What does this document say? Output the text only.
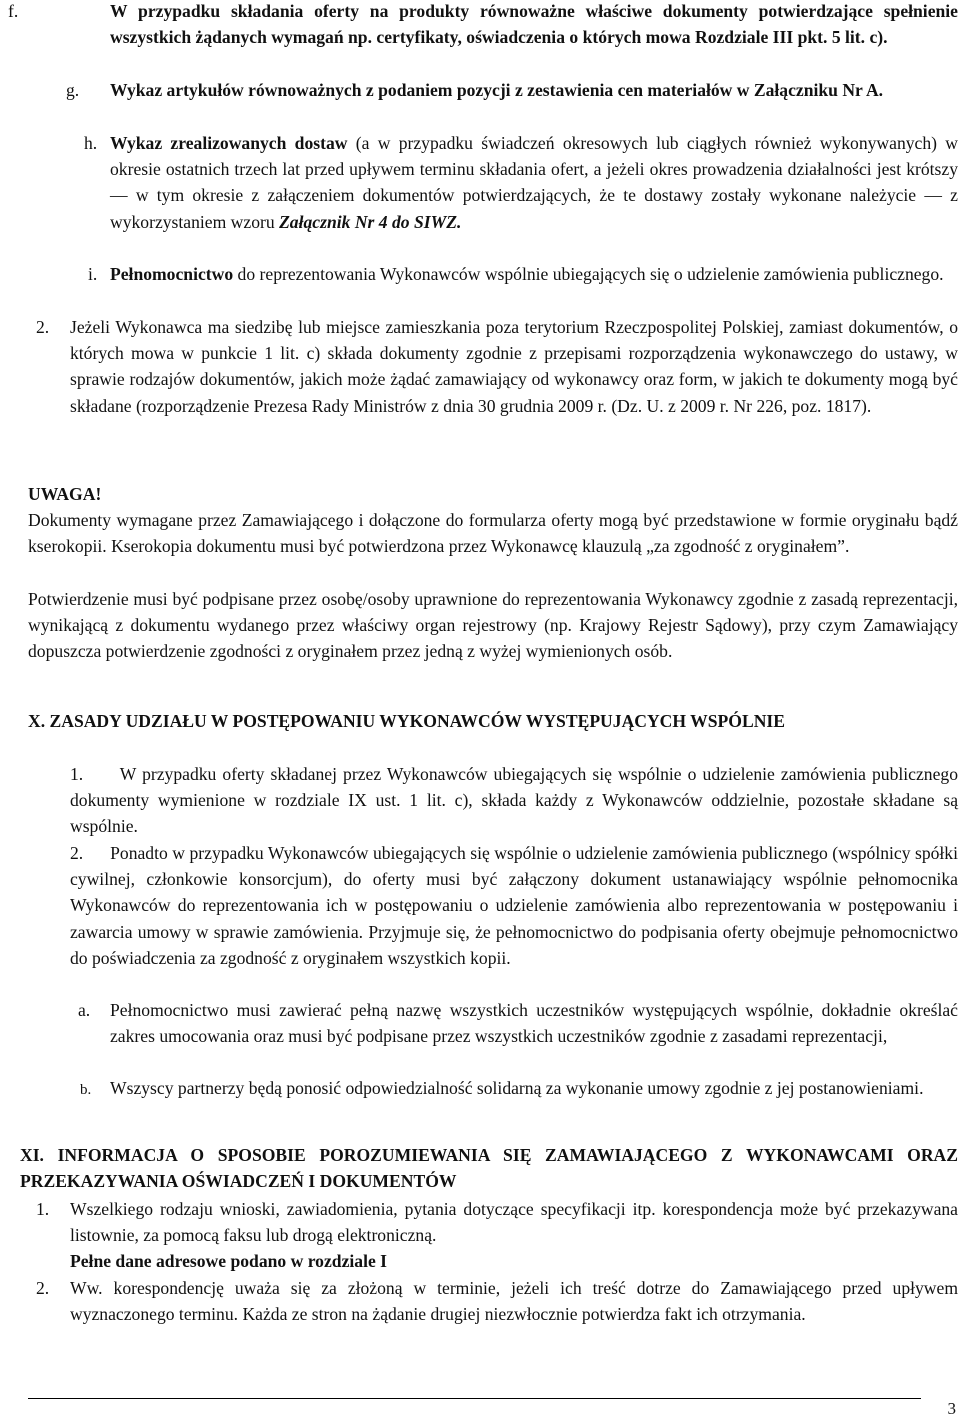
f.	W przypadku składania oferty na produkty równoważne właściwe dokumenty potwierdzające spełnienie wszystkich żądanych wymagań np. certyfikaty, oświadczenia o których mowa Rozdziale III pkt. 5 lit. c).
g. Wykaz artykułów równoważnych z podaniem pozycji z zestawienia cen materiałów w Załączniku Nr A.
h. Wykaz zrealizowanych dostaw (a w przypadku świadczeń okresowych lub ciągłych również wykonywanych) w okresie ostatnich trzech lat przed upływem terminu składania ofert, a jeżeli okres prowadzenia działalności jest krótszy — w tym okresie z załączeniem dokumentów potwierdzających, że te dostawy zostały wykonane należycie — z wykorzystaniem wzoru Załącznik Nr 4 do SIWZ.
i. Pełnomocnictwo do reprezentowania Wykonawców wspólnie ubiegających się o udzielenie zamówienia publicznego.
2. Jeżeli Wykonawca ma siedzibę lub miejsce zamieszkania poza terytorium Rzeczpospolitej Polskiej, zamiast dokumentów, o których mowa w punkcie 1 lit. c) składa dokumenty zgodnie z przepisami rozporządzenia wykonawczego do ustawy, w sprawie rodzajów dokumentów, jakich może żądać zamawiający od wykonawcy oraz form, w jakich te dokumenty mogą być składane (rozporządzenie Prezesa Rady Ministrów z dnia 30 grudnia 2009 r. (Dz. U. z 2009 r. Nr 226, poz. 1817).
UWAGA!
Dokumenty wymagane przez Zamawiającego i dołączone do formularza oferty mogą być przedstawione w formie oryginału bądź kserokopii. Kserokopia dokumentu musi być potwierdzona przez Wykonawcę klauzulą „za zgodność z oryginałem”.
Potwierdzenie musi być podpisane przez osobę/osoby uprawnione do reprezentowania Wykonawcy zgodnie z zasadą reprezentacji, wynikającą z dokumentu wydanego przez właściwy organ rejestrowy (np. Krajowy Rejestr Sądowy), przy czym Zamawiający dopuszcza potwierdzenie zgodności z oryginałem przez jedną z wyżej wymienionych osób.
X. ZASADY UDZIAŁU W POSTĘPOWANIU WYKONAWCÓW WYSTĘPUJĄCYCH WSPÓLNIE
1.      W przypadku oferty składanej przez Wykonawców ubiegających się wspólnie o udzielenie zamówienia publicznego dokumenty wymienione w rozdziale IX ust. 1 lit. c), składa każdy z Wykonawców oddzielnie, pozostałe składane są wspólnie.
2.      Ponadto w przypadku Wykonawców ubiegających się wspólnie o udzielenie zamówienia publicznego (wspólnicy spółki cywilnej, członkowie konsorcjum), do oferty musi być załączony dokument ustanawiający wspólnie pełnomocnika Wykonawców do reprezentowania ich w postępowaniu o udzielenie zamówienia albo reprezentowania w postępowaniu i zawarcia umowy w sprawie zamówienia. Przyjmuje się, że pełnomocnictwo do podpisania oferty obejmuje pełnomocnictwo do poświadczenia za zgodność z oryginałem wszystkich kopii.
a. Pełnomocnictwo musi zawierać pełną nazwę wszystkich uczestników występujących wspólnie, dokładnie określać zakres umocowania oraz musi być podpisane przez wszystkich uczestników zgodnie z zasadami reprezentacji,
b. Wszyscy partnerzy będą ponosić odpowiedzialność solidarną za wykonanie umowy zgodnie z jej postanowieniami.
XI. INFORMACJA O SPOSOBIE POROZUMIEWANIA SIĘ ZAMAWIAJĄCEGO Z WYKONAWCAMI ORAZ PRZEKAZYWANIA OŚWIADCZEŃ I DOKUMENTÓW
1. Wszelkiego rodzaju wnioski, zawiadomienia, pytania dotyczące specyfikacji itp. korespondencja może być przekazywana listownie, za pomocą faksu lub drogą elektroniczną.
Pełne dane adresowe podano w rozdziale I
2. Ww. korespondencję uważa się za złożoną w terminie, jeżeli ich treść dotrze do Zamawiającego przed upływem wyznaczonego terminu. Każda ze stron na żądanie drugiej niezwłocznie potwierdza fakt ich otrzymania.
3
